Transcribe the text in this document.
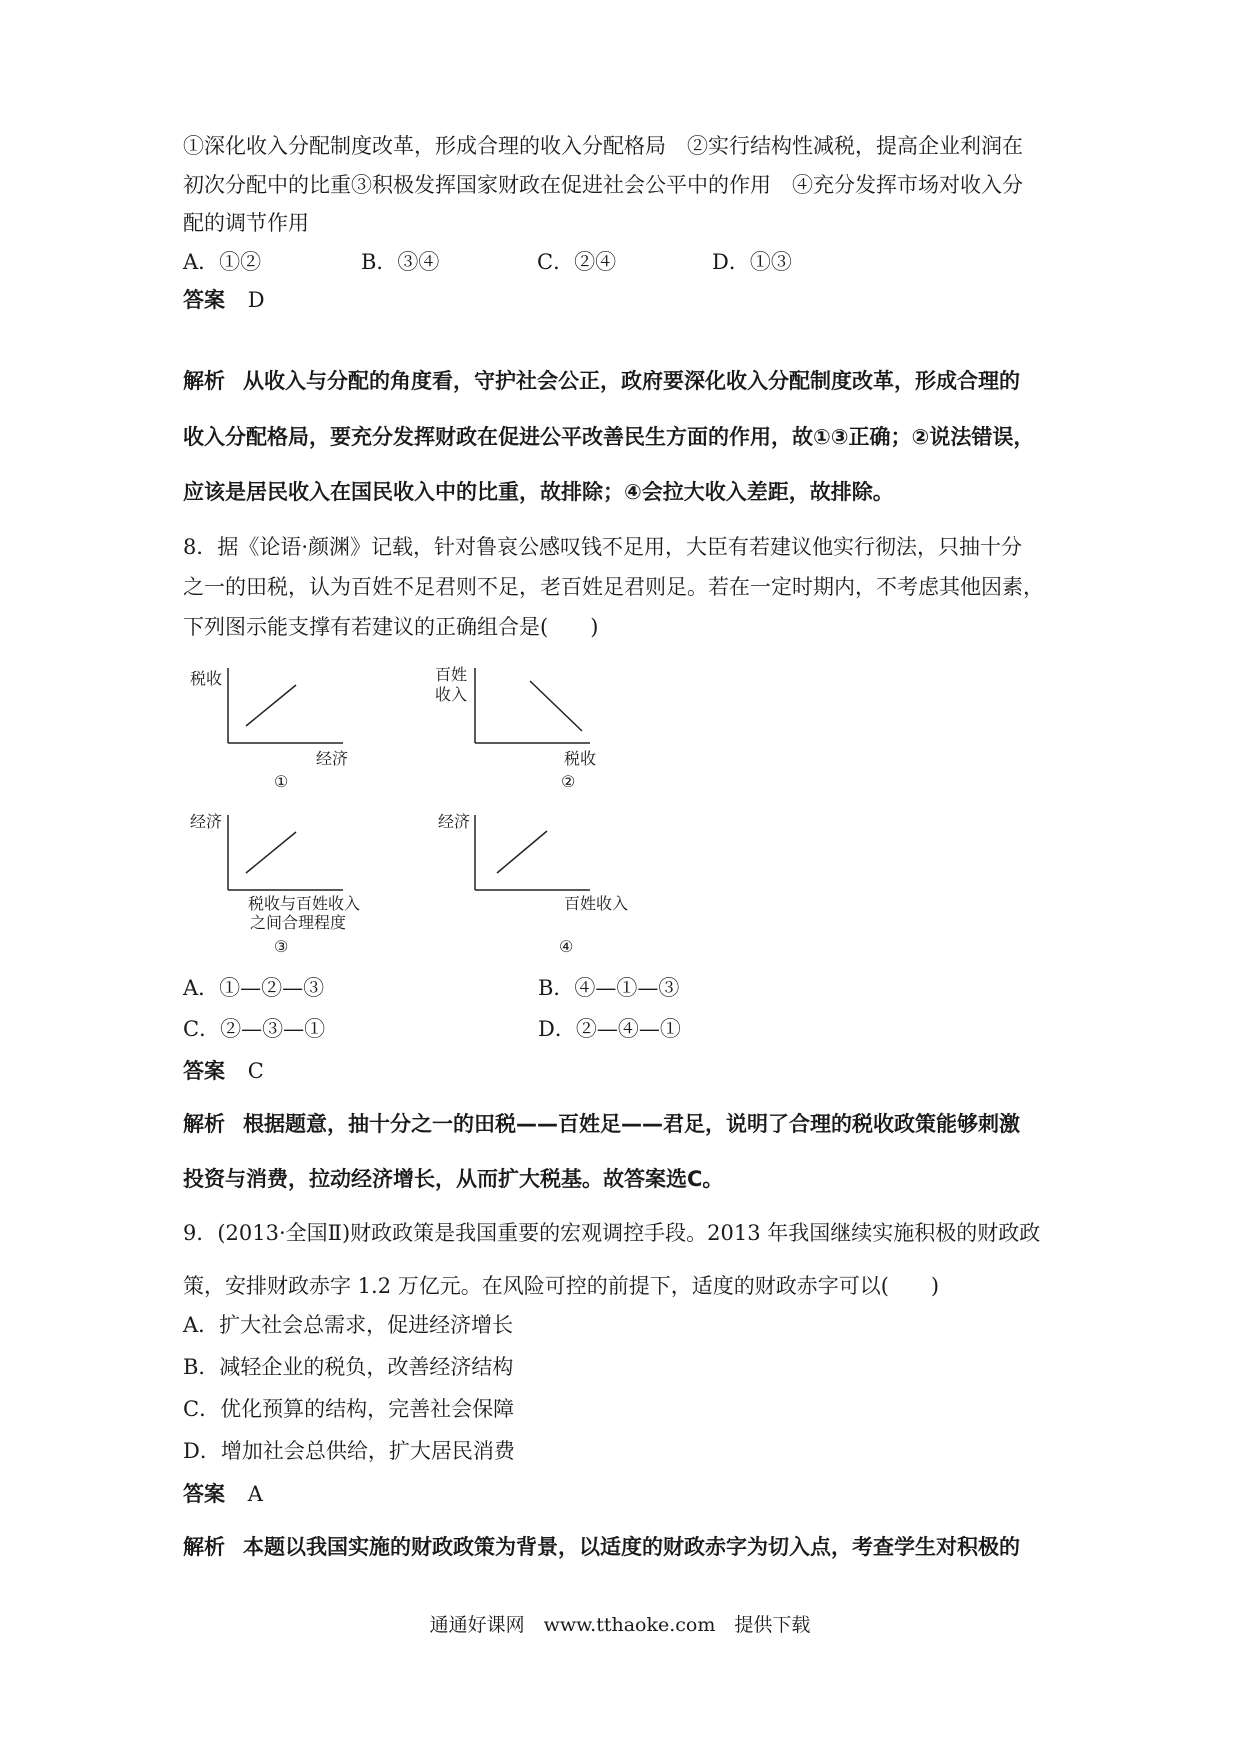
①深化收入分配制度改革，形成合理的收入分配格局　②实行结构性减税，提高企业利润在
初次分配中的比重③积极发挥国家财政在促进社会公平中的作用　④充分发挥市场对收入分
配的调节作用
A．①②	B．③④	C．②④	D．①③
答案 D
解析 从收入与分配的角度看，守护社会公正，政府要深化收入分配制度改革，形成合理的
收入分配格局，要充分发挥财政在促进公平改善民生方面的作用，故①③正确；②说法错误，
应该是居民收入在国民收入中的比重，故排除；④会拉大收入差距，故排除。
8．据《论语·颜渊》记载，针对鲁哀公感叹钱不足用，大臣有若建议他实行彻法，只抽十分
之一的田税，认为百姓不足君则不足，老百姓足君则足。若在一定时期内，不考虑其他因素，
下列图示能支撑有若建议的正确组合是(　　)
税收
经济
①
百姓
收入
税收
②
经济
税收与百姓收入
之间合理程度
③
经济
百姓收入
④
A．①—②—③	B．④—①—③
C．②—③—①	D．②—④—①
答案 C
解析 根据题意，抽十分之一的田税——百姓足——君足，说明了合理的税收政策能够刺激
投资与消费，拉动经济增长，从而扩大税基。故答案选C。
9．(2013·全国Ⅱ)财政政策是我国重要的宏观调控手段。2013 年我国继续实施积极的财政政
策，安排财政赤字 1.2 万亿元。在风险可控的前提下，适度的财政赤字可以(　　)
A．扩大社会总需求，促进经济增长
B．减轻企业的税负，改善经济结构
C．优化预算的结构，完善社会保障
D．增加社会总供给，扩大居民消费
答案 A
解析 本题以我国实施的财政政策为背景，以适度的财政赤字为切入点，考查学生对积极的
通通好课网　www.tthaoke.com　提供下载
